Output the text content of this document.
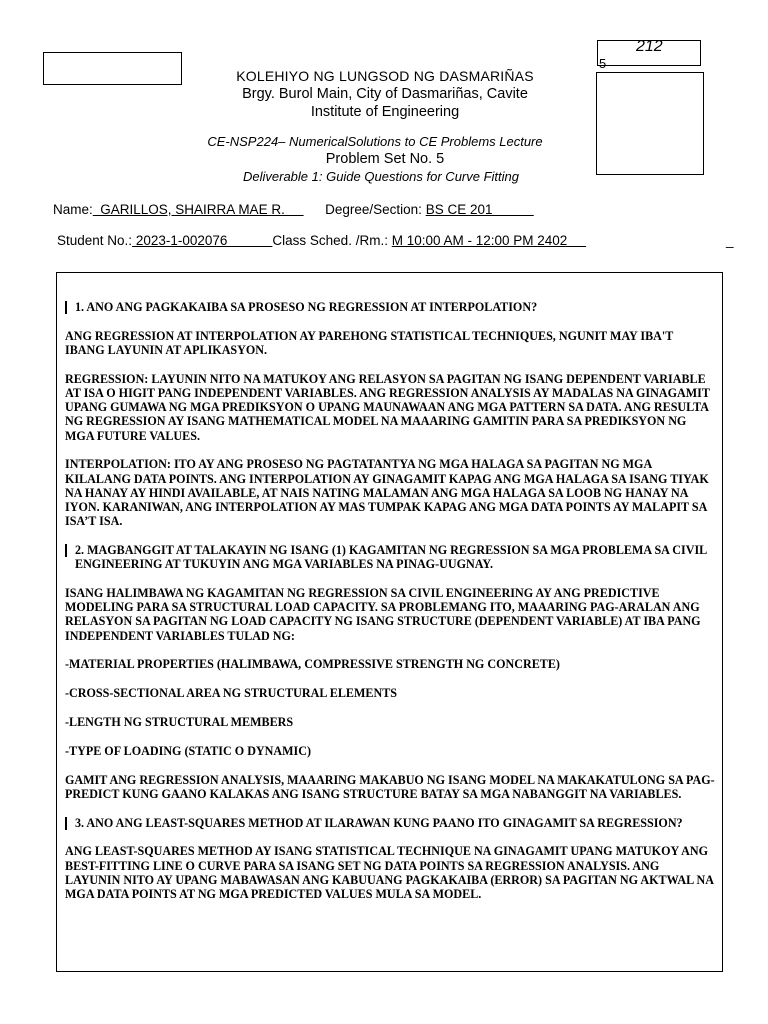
212
5
KOLEHIYO NG LUNGSOD NG DASMARIÑAS
Brgy. Burol Main, City of Dasmariñas, Cavite
Institute of Engineering
CE-NSP224– NumericalSolutions to CE Problems Lecture
Problem Set No. 5
Deliverable 1: Guide Questions for Curve Fitting
Name:  GARILLOS, SHAIRRA MAE R.       Degree/Section: BS CE 201
Student No.: 2023-1-002076            Class Sched. /Rm.: M 10:00 AM - 12:00 PM 2402	_

1. ANO ANG PAGKAKAIBA SA PROSESO NG REGRESSION AT INTERPOLATION?

ANG REGRESSION AT INTERPOLATION AY PAREHONG STATISTICAL TECHNIQUES, NGUNIT MAY IBA'T IBANG LAYUNIN AT APLIKASYON.

REGRESSION: LAYUNIN NITO NA MATUKOY ANG RELASYON SA PAGITAN NG ISANG DEPENDENT VARIABLE AT ISA O HIGIT PANG INDEPENDENT VARIABLES. ANG REGRESSION ANALYSIS AY MADALAS NA GINAGAMIT UPANG GUMAWA NG MGA PREDIKSYON O UPANG MAUNAWAAN ANG MGA PATTERN SA DATA. ANG RESULTA NG REGRESSION AY ISANG MATHEMATICAL MODEL NA MAAARING GAMITIN PARA SA PREDIKSYON NG MGA FUTURE VALUES.

INTERPOLATION: ITO AY ANG PROSESO NG PAGTATANTYA NG MGA HALAGA SA PAGITAN NG MGA KILALANG DATA POINTS. ANG INTERPOLATION AY GINAGAMIT KAPAG ANG MGA HALAGA SA ISANG TIYAK NA HANAY AY HINDI AVAILABLE, AT NAIS NATING MALAMAN ANG MGA HALAGA SA LOOB NG HANAY NA IYON. KARANIWAN, ANG INTERPOLATION AY MAS TUMPAK KAPAG ANG MGA DATA POINTS AY MALAPIT SA ISA’T ISA.

2. MAGBANGGIT AT TALAKAYIN NG ISANG (1) KAGAMITAN NG REGRESSION SA MGA PROBLEMA SA CIVIL ENGINEERING AT TUKUYIN ANG MGA VARIABLES NA PINAG-UUGNAY.

ISANG HALIMBAWA NG KAGAMITAN NG REGRESSION SA CIVIL ENGINEERING AY ANG PREDICTIVE MODELING PARA SA STRUCTURAL LOAD CAPACITY. SA PROBLEMANG ITO, MAAARING PAG-ARALAN ANG RELASYON SA PAGITAN NG LOAD CAPACITY NG ISANG STRUCTURE (DEPENDENT VARIABLE) AT IBA PANG INDEPENDENT VARIABLES TULAD NG:

-MATERIAL PROPERTIES (HALIMBAWA, COMPRESSIVE STRENGTH NG CONCRETE)

-CROSS-SECTIONAL AREA NG STRUCTURAL ELEMENTS

-LENGTH NG STRUCTURAL MEMBERS

-TYPE OF LOADING (STATIC O DYNAMIC)

GAMIT ANG REGRESSION ANALYSIS, MAAARING MAKABUO NG ISANG MODEL NA MAKAKATULONG SA PAG-PREDICT KUNG GAANO KALAKAS ANG ISANG STRUCTURE BATAY SA MGA NABANGGIT NA VARIABLES.

3. ANO ANG LEAST-SQUARES METHOD AT ILARAWAN KUNG PAANO ITO GINAGAMIT SA REGRESSION?

ANG LEAST-SQUARES METHOD AY ISANG STATISTICAL TECHNIQUE NA GINAGAMIT UPANG MATUKOY ANG BEST-FITTING LINE O CURVE PARA SA ISANG SET NG DATA POINTS SA REGRESSION ANALYSIS. ANG LAYUNIN NITO AY UPANG MABAWASAN ANG KABUUANG PAGKAKAIBA (ERROR) SA PAGITAN NG AKTWAL NA MGA DATA POINTS AT NG MGA PREDICTED VALUES MULA SA MODEL.
